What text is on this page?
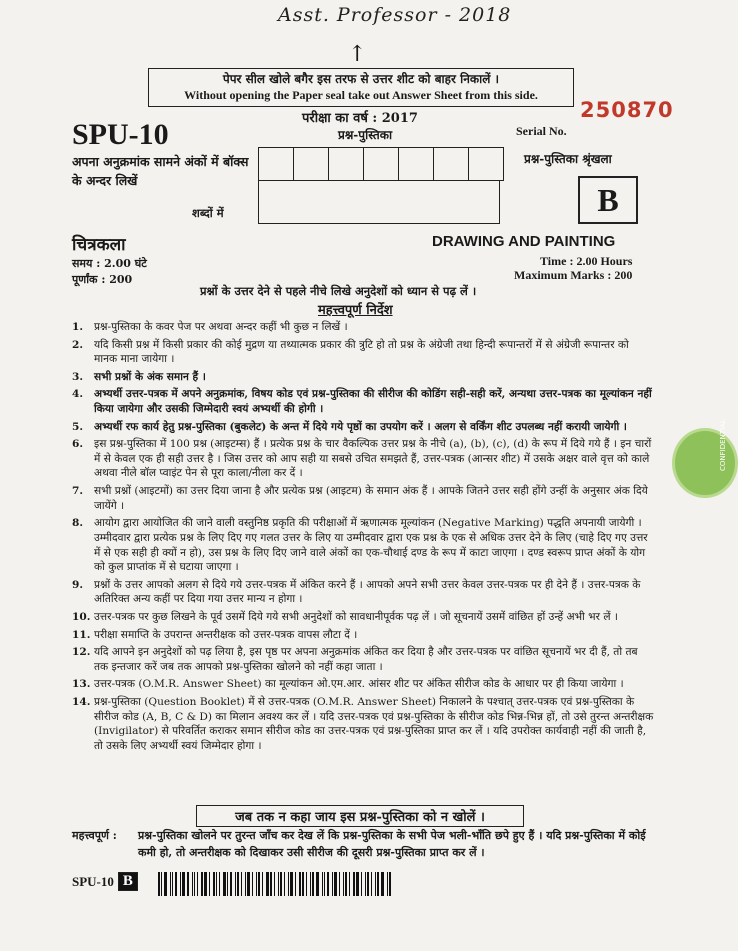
Asst. Professor - 2018
↑
पेपर सील खोले बगैर इस तरफ से उत्तर शीट को बाहर निकालें ।
Without opening the Paper seal take out Answer Sheet from this side.
250870
परीक्षा का वर्ष : 2017
प्रश्न-पुस्तिका	Serial No.
SPU-10
अपना अनुक्रमांक सामने अंकों में बॉक्स के अन्दर लिखें
शब्दों में
प्रश्न-पुस्तिका श्रृंखला
B
चित्रकला	DRAWING AND PAINTING
समय : 2.00 घंटे
पूर्णांक : 200
Time : 2.00 Hours
Maximum Marks : 200
प्रश्नों के उत्तर देने से पहले नीचे लिखे अनुदेशों को ध्यान से पढ़ लें ।
महत्त्वपूर्ण निर्देश
1. प्रश्न-पुस्तिका के कवर पेज पर अथवा अन्दर कहीं भी कुछ न लिखें ।
2. यदि किसी प्रश्न में किसी प्रकार की कोई मुद्रण या तथ्यात्मक प्रकार की त्रुटि हो तो प्रश्न के अंग्रेजी तथा हिन्दी रूपान्तरों में से अंग्रेजी रूपान्तर को मानक माना जायेगा ।
3. सभी प्रश्नों के अंक समान हैं ।
4. अभ्यर्थी उत्तर-पत्रक में अपने अनुक्रमांक, विषय कोड एवं प्रश्न-पुस्तिका की सीरीज की कोडिंग सही-सही करें, अन्यथा उत्तर-पत्रक का मूल्यांकन नहीं किया जायेगा और उसकी जिम्मेदारी स्वयं अभ्यर्थी की होगी ।
5. अभ्यर्थी रफ कार्य हेतु प्रश्न-पुस्तिका (बुकलेट) के अन्त में दिये गये पृष्ठों का उपयोग करें । अलग से वर्किंग शीट उपलब्ध नहीं करायी जायेगी ।
6. इस प्रश्न-पुस्तिका में 100 प्रश्न (आइटम्स) हैं । प्रत्येक प्रश्न के चार वैकल्पिक उत्तर प्रश्न के नीचे (a), (b), (c), (d) के रूप में दिये गये हैं । इन चारों में से केवल एक ही सही उत्तर है । जिस उत्तर को आप सही या सबसे उचित समझते हैं, उत्तर-पत्रक (आन्सर शीट) में उसके अक्षर वाले वृत्त को काले अथवा नीले बॉल प्वाइंट पेन से पूरा काला/नीला कर दें ।
7. सभी प्रश्नों (आइटमों) का उत्तर दिया जाना है और प्रत्येक प्रश्न (आइटम) के समान अंक हैं । आपके जितने उत्तर सही होंगे उन्हीं के अनुसार अंक दिये जायेंगे ।
8. आयोग द्वारा आयोजित की जाने वाली वस्तुनिष्ठ प्रकृति की परीक्षाओं में ऋणात्मक मूल्यांकन (Negative Marking) पद्धति अपनायी जायेगी । उम्मीदवार द्वारा प्रत्येक प्रश्न के लिए दिए गए गलत उत्तर के लिए या उम्मीदवार द्वारा एक प्रश्न के एक से अधिक उत्तर देने के लिए (चाहे दिए गए उत्तर में से एक सही ही क्यों न हो), उस प्रश्न के लिए दिए जाने वाले अंकों का एक-चौथाई दण्ड के रूप में काटा जाएगा । दण्ड स्वरूप प्राप्त अंकों के योग को कुल प्राप्तांक में से घटाया जाएगा ।
9. प्रश्नों के उत्तर आपको अलग से दिये गये उत्तर-पत्रक में अंकित करने हैं । आपको अपने सभी उत्तर केवल उत्तर-पत्रक पर ही देने हैं । उत्तर-पत्रक के अतिरिक्त अन्य कहीं पर दिया गया उत्तर मान्य न होगा ।
10. उत्तर-पत्रक पर कुछ लिखने के पूर्व उसमें दिये गये सभी अनुदेशों को सावधानीपूर्वक पढ़ लें । जो सूचनायें उसमें वांछित हों उन्हें अभी भर लें ।
11. परीक्षा समाप्ति के उपरान्त अन्तरीक्षक को उत्तर-पत्रक वापस लौटा दें ।
12. यदि आपने इन अनुदेशों को पढ़ लिया है, इस पृष्ठ पर अपना अनुक्रमांक अंकित कर दिया है और उत्तर-पत्रक पर वांछित सूचनायें भर दी हैं, तो तब तक इन्तजार करें जब तक आपको प्रश्न-पुस्तिका खोलने को नहीं कहा जाता ।
13. उत्तर-पत्रक (O.M.R. Answer Sheet) का मूल्यांकन ओ.एम.आर. आंसर शीट पर अंकित सीरीज कोड के आधार पर ही किया जायेगा ।
14. प्रश्न-पुस्तिका (Question Booklet) में से उत्तर-पत्रक (O.M.R. Answer Sheet) निकालने के पश्चात् उत्तर-पत्रक एवं प्रश्न-पुस्तिका के सीरीज कोड (A, B, C & D) का मिलान अवश्य कर लें । यदि उत्तर-पत्रक एवं प्रश्न-पुस्तिका के सीरीज कोड भिन्न-भिन्न हों, तो उसे तुरन्त अन्तरीक्षक (Invigilator) से परिवर्तित कराकर समान सीरीज कोड का उत्तर-पत्रक एवं प्रश्न-पुस्तिका प्राप्त कर लें । यदि उपरोक्त कार्यवाही नहीं की जाती है, तो उसके लिए अभ्यर्थी स्वयं जिम्मेदार होगा ।
जब तक न कहा जाय इस प्रश्न-पुस्तिका को न खोलें ।
महत्त्वपूर्ण : प्रश्न-पुस्तिका खोलने पर तुरन्त जाँच कर देख लें कि प्रश्न-पुस्तिका के सभी पेज भली-भाँति छपे हुए हैं । यदि प्रश्न-पुस्तिका में कोई कमी हो, तो अन्तरीक्षक को दिखाकर उसी सीरीज की दूसरी प्रश्न-पुस्तिका प्राप्त कर लें ।
SPU-10 B
CONFIDENTIAL
